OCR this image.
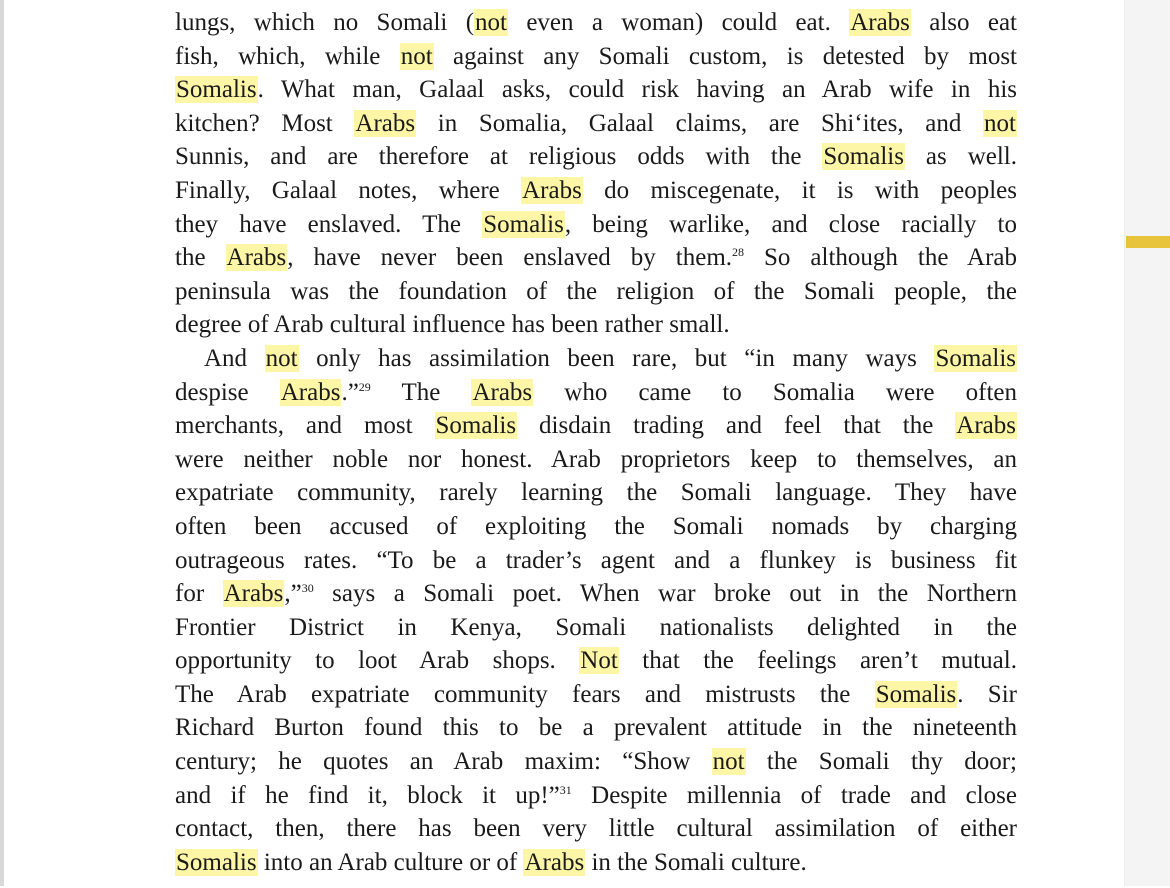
lungs, which no Somali (not even a woman) could eat. Arabs also eat
fish, which, while not against any Somali custom, is detested by most
Somalis. What man, Galaal asks, could risk having an Arab wife in his
kitchen? Most Arabs in Somalia, Galaal claims, are Shi‘ites, and not
Sunnis, and are therefore at religious odds with the Somalis as well.
Finally, Galaal notes, where Arabs do miscegenate, it is with peoples
they have enslaved. The Somalis, being warlike, and close racially to
the Arabs, have never been enslaved by them.$^{28}$ So although the Arab
peninsula was the foundation of the religion of the Somali people, the
degree of Arab cultural influence has been rather small.
And not only has assimilation been rare, but “in many ways Somalis
despise Arabs.”$^{29}$ The Arabs who came to Somalia were often
merchants, and most Somalis disdain trading and feel that the Arabs
were neither noble nor honest. Arab proprietors keep to themselves, an
expatriate community, rarely learning the Somali language. They have
often been accused of exploiting the Somali nomads by charging
outrageous rates. “To be a trader’s agent and a flunkey is business fit
for Arabs,”$^{30}$ says a Somali poet. When war broke out in the Northern
Frontier District in Kenya, Somali nationalists delighted in the
opportunity to loot Arab shops. Not that the feelings aren’t mutual.
The Arab expatriate community fears and mistrusts the Somalis. Sir
Richard Burton found this to be a prevalent attitude in the nineteenth
century; he quotes an Arab maxim: “Show not the Somali thy door;
and if he find it, block it up!”$^{31}$ Despite millennia of trade and close
contact, then, there has been very little cultural assimilation of either
Somalis into an Arab culture or of Arabs in the Somali culture.
